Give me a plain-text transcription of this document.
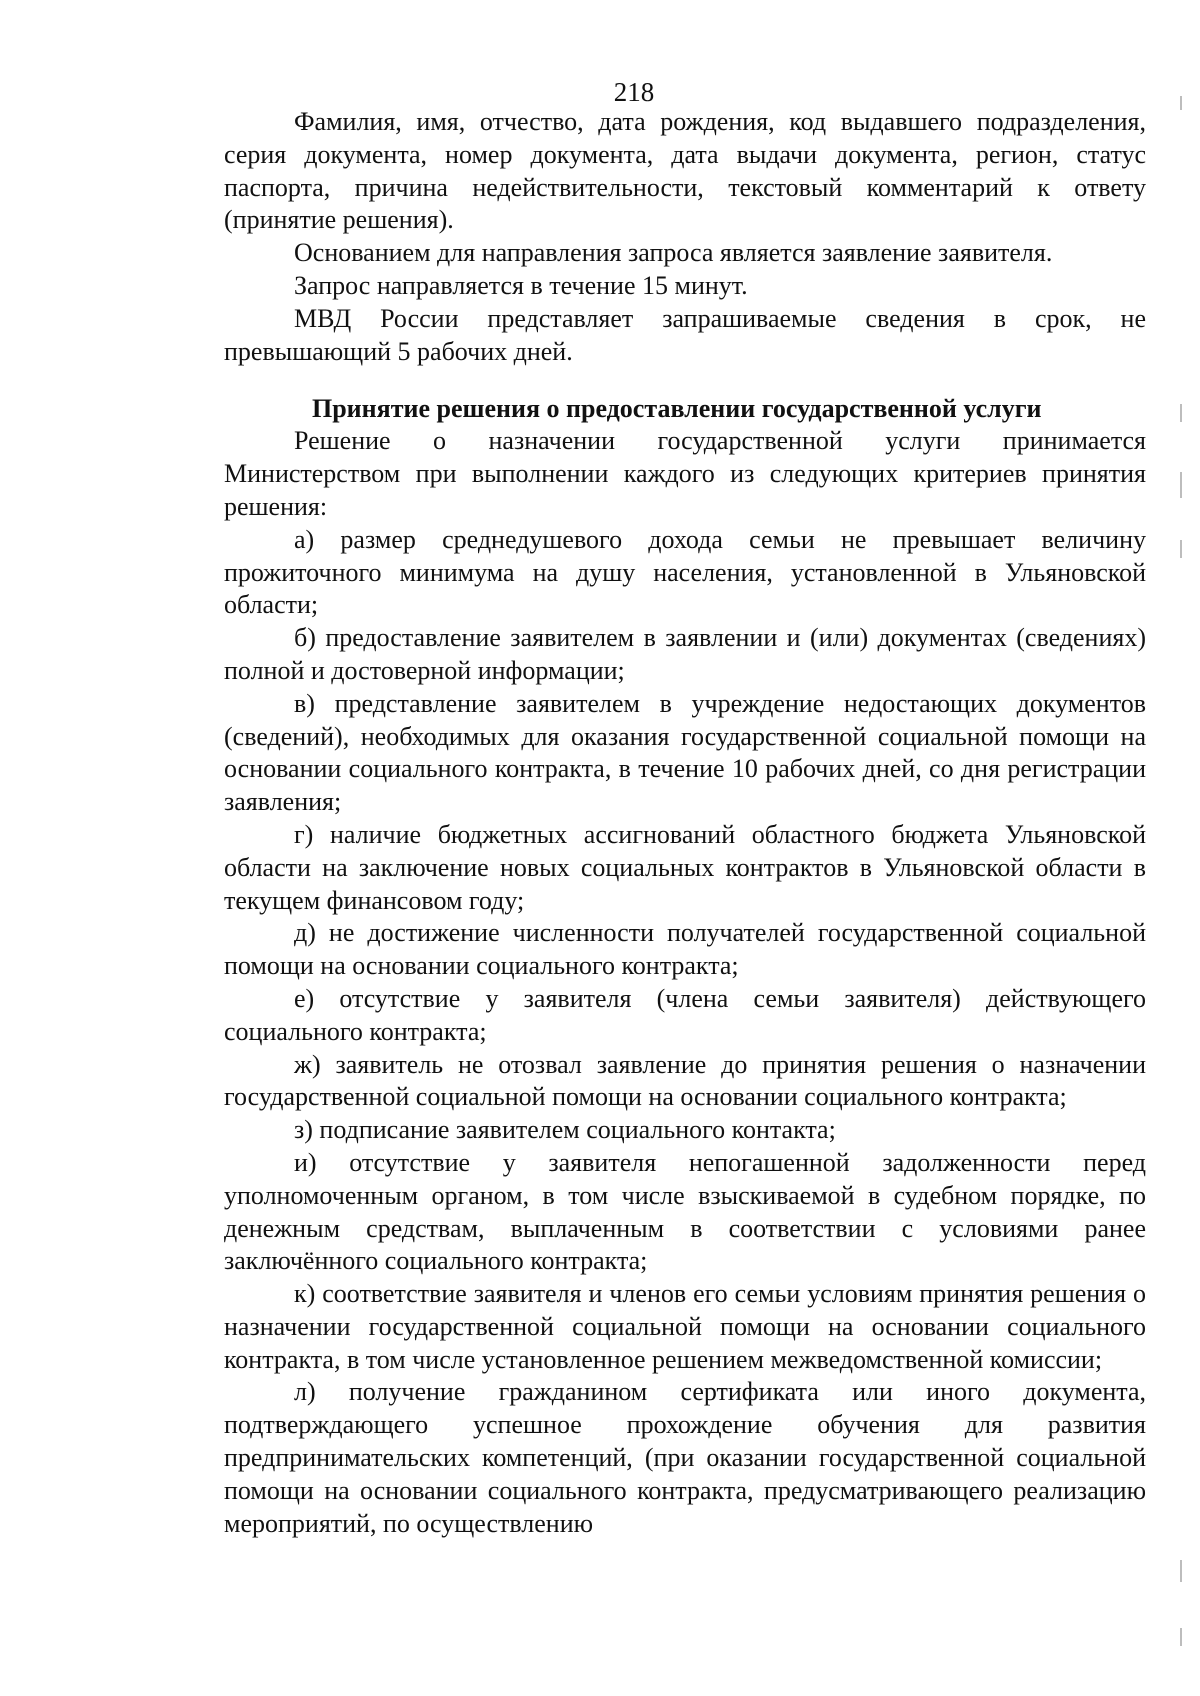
218

Фамилия, имя, отчество, дата рождения, код выдавшего подразделения, серия документа, номер документа, дата выдачи документа, регион, статус паспорта, причина недействительности, текстовый комментарий к ответу (принятие решения).

Основанием для направления запроса является заявление заявителя.

Запрос направляется в течение 15 минут.

МВД России представляет запрашиваемые сведения в срок, не превышающий 5 рабочих дней.

Принятие решения о предоставлении государственной услуги

Решение о назначении государственной услуги принимается Министерством при выполнении каждого из следующих критериев принятия решения:

а) размер среднедушевого дохода семьи не превышает величину прожиточного минимума на душу населения, установленной в Ульяновской области;

б) предоставление заявителем в заявлении и (или) документах (сведениях) полной и достоверной информации;

в) представление заявителем в учреждение недостающих документов (сведений), необходимых для оказания государственной социальной помощи на основании социального контракта, в течение 10 рабочих дней, со дня регистрации заявления;

г) наличие бюджетных ассигнований областного бюджета Ульяновской области на заключение новых социальных контрактов в Ульяновской области в текущем финансовом году;

д) не достижение численности получателей государственной социальной помощи на основании социального контракта;

е) отсутствие у заявителя (члена семьи заявителя) действующего социального контракта;

ж) заявитель не отозвал заявление до принятия решения о назначении государственной социальной помощи на основании социального контракта;

з) подписание заявителем социального контакта;

и) отсутствие у заявителя непогашенной задолженности перед уполномоченным органом, в том числе взыскиваемой в судебном порядке, по денежным средствам, выплаченным в соответствии с условиями ранее заключённого социального контракта;

к) соответствие заявителя и членов его семьи условиям принятия решения о назначении государственной социальной помощи на основании социального контракта, в том числе установленное решением межведомственной комиссии;

л) получение гражданином сертификата или иного документа, подтверждающего успешное прохождение обучения для развития предпринимательских компетенций, (при оказании государственной социальной помощи на основании социального контракта, предусматривающего реализацию мероприятий, по осуществлению
